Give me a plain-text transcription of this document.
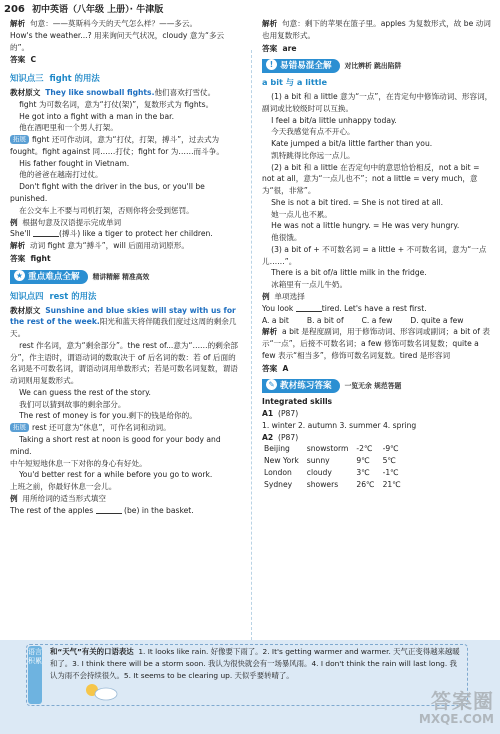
206 初中英语（八年级 上册）· 牛津版

解析 句意：——莫斯科今天的天气怎么样？——多云。

How's the weather...? 用来询问天气状况，cloudy 意为“多云的”。

答案 C

知识点三 fight 的用法

教材原文 They like snowball fights.他们喜欢打雪仗。

fight 为可数名词，意为“打仗(架)”，复数形式为 fights。

He got into a fight with a man in the bar.

他在酒吧里和一个男人打架。

拓展 fight 还可作动词，意为“打仗，打架，搏斗”，过去式为 fought。fight against 同……打仗；fight for 为……而斗争。

His father fought in Vietnam.

他的爸爸在越南打过仗。

Don't fight with the driver in the bus, or you'll be punished.

在公交车上不要与司机打架，否则你将会受到惩罚。

例 根据句意及汉语提示完成单词

She'll	(搏斗) like a tiger to protect her children.

解析 动词 fight 意为“搏斗”，will 后面用动词原形。

答案 fight

★ 重点难点全解 精讲精解 精准高效
知识点四 rest 的用法

教材原文 Sunshine and blue skies will stay with us for the rest of the week.阳光和蓝天将伴随我们度过这周的剩余几天。

rest 作名词，意为“剩余部分”。the rest of...意为“……的剩余部分”，作主语时，谓语动词的数取决于 of 后名词的数：若 of 后面的名词是不可数名词，谓语动词用单数形式；若是可数名词复数，谓语动词则用复数形式。

We can guess the rest of the story.

我们可以猜到故事的剩余部分。

The rest of money is for you.剩下的钱是给你的。

拓展 rest 还可意为“休息”，可作名词和动词。

Taking a short rest at noon is good for your body and mind.

中午短短地休息一下对你的身心有好处。

You'd better rest for a while before you go to work.

上班之前，你最好休息一会儿。

例 用所给词的适当形式填空

The rest of the apples	(be) in the basket.

解析 句意：剩下的苹果在篮子里。apples 为复数形式，故 be 动词也用复数形式。

答案 are

! 易错易混全解 对比辨析 跳出陷阱
a bit 与 a little

(1) a bit 和 a little 意为“一点”，在肯定句中修饰动词、形容词，副词或比较级时可以互换。

I feel a bit/a little unhappy today.

今天我感觉有点不开心。

Kate jumped a bit/a little farther than you.

凯特跳得比你远一点儿。

(2) a bit 和 a little 在否定句中的意思恰恰相反，not a bit = not at all，意为“一点儿也不”；not a little = very much，意为“很，非常”。

She is not a bit tired. = She is not tired at all.

她一点儿也不累。

He was not a little hungry. = He was very hungry.

他很饿。

(3) a bit of + 不可数名词 = a little + 不可数名词，意为“一点儿……”。

There is a bit of/a little milk in the fridge.

冰箱里有一点儿牛奶。

例 单项选择

You look	tired. Let's have a rest first.

A. a bit B. a bit of C. a few D. quite a few

解析 a bit 是程度副词，用于修饰动词、形容词或副词；a bit of 表示“一点”，后接不可数名词；a few 修饰可数名词复数；quite a few 表示“相当多”，修饰可数名词复数。tired 是形容词

答案 A

✎ 教材练习答案 一览无余 规范答题

Integrated skills

A1 (P87)

1. winter 2. autumn 3. summer 4. spring

A2 (P87)

Beijing	snowstorm	-2℃	-9℃
New York	sunny	9℃	5℃
London	cloudy	3℃	-1℃
Sydney	showers	26℃	21℃
语言积累
和“天气”有关的口语表达 1. It looks like rain. 好像要下雨了。2. It's getting warmer and warmer. 天气正变得越来越暖和了。3. I think there will be a storm soon. 我认为很快就会有一场暴风雨。4. I don't think the rain will last long. 我认为雨不会持续很久。5. It seems to be clearing up. 天似乎要转晴了。
答案圈
MXQE.COM
